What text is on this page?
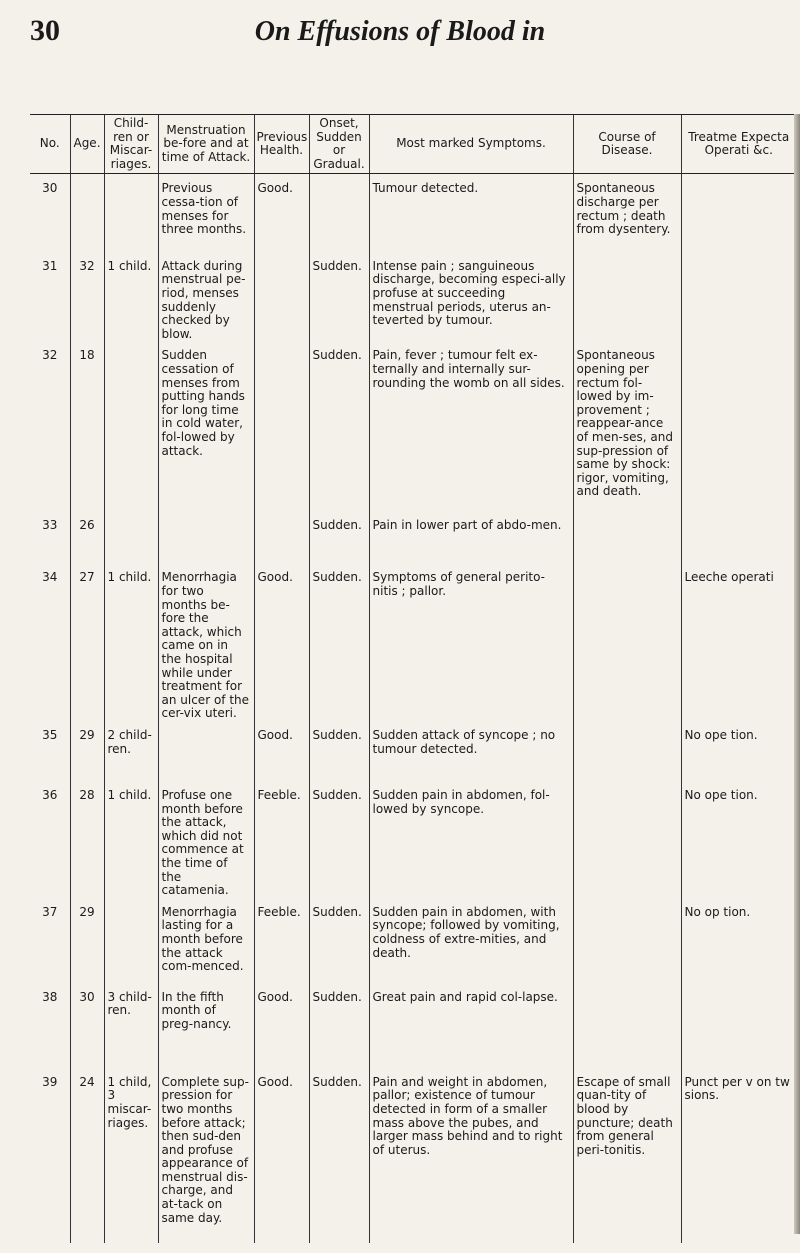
30	On Effusions of Blood in
No.	Age.	Child-ren or Miscar-riages.	Menstruation be-fore and at time of Attack.	Previous Health.	Onset, Sudden or Gradual.	Most marked Symptoms.	Course of Disease.	Treatme Expecta Operati &c.
30			Previous cessa-tion of menses for three months.	Good.		Tumour detected.	Spontaneous discharge per rectum ; death from dysentery.	
31	32	1 child.	Attack during menstrual pe-riod, menses suddenly checked by blow.		Sudden.	Intense pain ; sanguineous discharge, becoming especi-ally profuse at succeeding menstrual periods, uterus an-teverted by tumour.		
32	18		Sudden cessation of menses from putting hands for long time in cold water, fol-lowed by attack.		Sudden.	Pain, fever ; tumour felt ex-ternally and internally sur-rounding the womb on all sides.	Spontaneous opening per rectum fol-lowed by im-provement ; reappear-ance of men-ses, and sup-pression of same by shock: rigor, vomiting, and death.	
33	26				Sudden.	Pain in lower part of abdo-men.		
34	27	1 child.	Menorrhagia for two months be-fore the attack, which came on in the hospital while under treatment for an ulcer of the cer-vix uteri.	Good.	Sudden.	Symptoms of general perito-nitis ; pallor.		Leeche operati
35	29	2 child-ren.		Good.	Sudden.	Sudden attack of syncope ; no tumour detected.		No ope tion.
36	28	1 child.	Profuse one month before the attack, which did not commence at the time of the catamenia.	Feeble.	Sudden.	Sudden pain in abdomen, fol-lowed by syncope.		No ope tion.
37	29		Menorrhagia lasting for a month before the attack com-menced.	Feeble.	Sudden.	Sudden pain in abdomen, with syncope; followed by vomiting, coldness of extre-mities, and death.		No op tion.
38	30	3 child-ren.	In the fifth month of preg-nancy.	Good.	Sudden.	Great pain and rapid col-lapse.		
39	24	1 child, 3 miscar-riages.	Complete sup-pression for two months before attack; then sud-den and profuse appearance of menstrual dis-charge, and at-tack on same day.	Good.	Sudden.	Pain and weight in abdomen, pallor; existence of tumour detected in form of a smaller mass above the pubes, and larger mass behind and to right of uterus.	Escape of small quan-tity of blood by puncture; death from general peri-tonitis.	Punct per v on tw sions.
